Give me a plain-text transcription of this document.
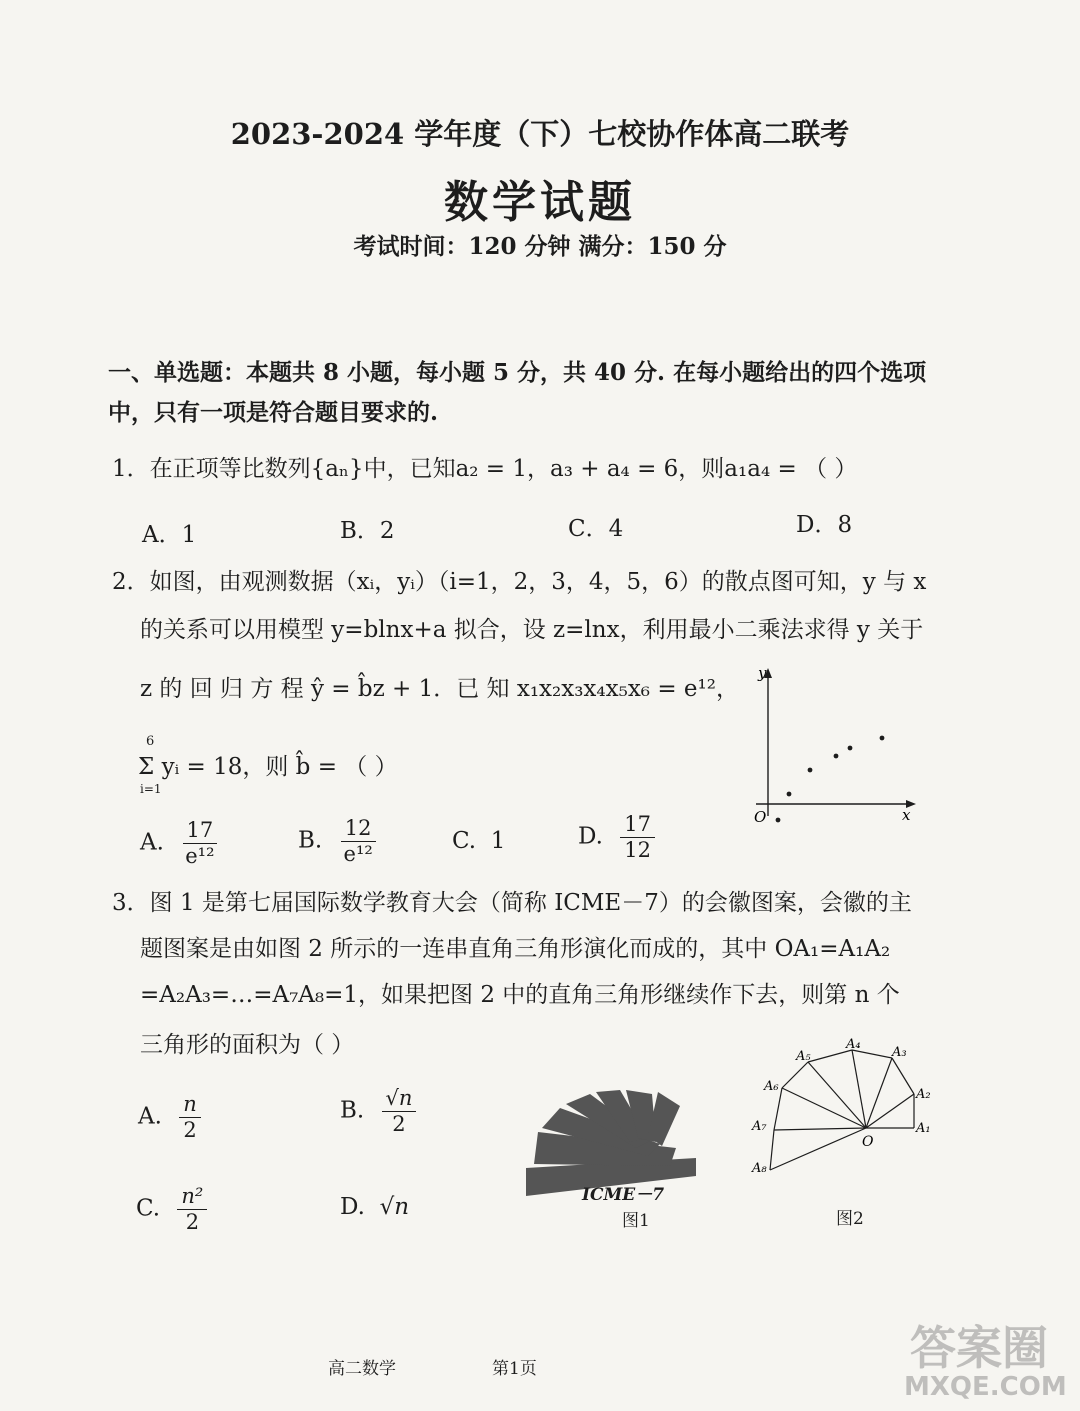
2023-2024 学年度（下）七校协作体高二联考
数学试题
考试时间：120 分钟 满分：150 分
一、单选题：本题共 8 小题，每小题 5 分，共 40 分. 在每小题给出的四个选项
中，只有一项是符合题目要求的.
1．在正项等比数列{aₙ}中，已知a₂ = 1，a₃ + a₄ = 6，则a₁a₄ = （ ）
A．1	B．2	C．4	D．8
2．如图，由观测数据（xᵢ，yᵢ）（i=1，2，3，4，5，6）的散点图可知，y 与 x
的关系可以用模型 y=blnx+a 拟合，设 z=lnx，利用最小二乘法求得 y 关于
z 的 回 归 方 程 ŷ = b̂z + 1．已 知 x₁x₂x₃x₄x₅x₆ = e¹²，
6
i=1
Σ yᵢ = 18，则 b̂ = （ ）
A. $\frac{17}{\text{e¹²}}$	B. $\frac{12}{\text{e¹²}}$	C. 1	D. $\frac{17}{12}$
y
x
O
3．图 1 是第七届国际数学教育大会（简称 ICME－7）的会徽图案，会徽的主
题图案是由如图 2 所示的一连串直角三角形演化而成的，其中 OA₁=A₁A₂
=A₂A₃=…=A₇A₈=1，如果把图 2 中的直角三角形继续作下去，则第 n 个
三角形的面积为（ ）
A. $\frac{n}{2}$	B. $\frac{√n}{2}$
C. $\frac{\text{n²}}{2}$	D. √n	ICME－7
图1
A₁
A₂
A₃
A₄
A₅
A₆
A₇
A₈
O
图2
高二数学	第1页	答案圈
MXQE.COM
